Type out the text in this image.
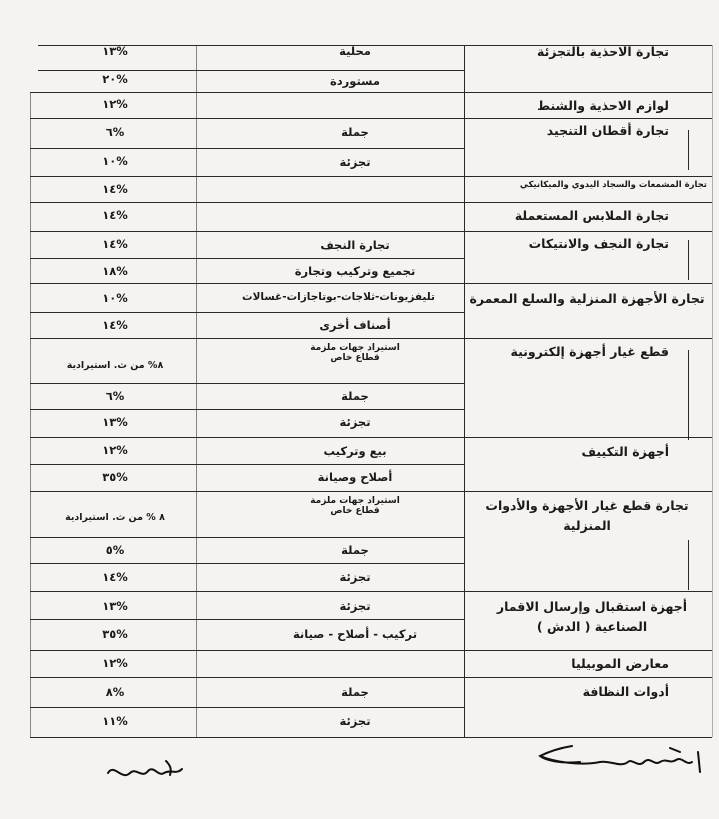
تجارة الاحذية بالتجزئة
محلية
١٣%
مستوردة
٢٠%
لوازم الاحذية والشنط
١٢%
تجارة أقطان التنجيد
جملة
٦%
تجزئة
١٠%
تجارة المشمعات والسجاد اليدوي والميكانيكي
١٤%
تجارة الملابس المستعملة
١٤%
تجارة النجف والانتيكات
تجارة النجف
١٤%
تجميع وتركيب وتجارة
١٨%
تجارة الأجهزة المنزلية والسلع المعمرة
تليفزيونات-ثلاجات-بوتاجازات-غسالات
١٠%
أصناف أخرى
١٤%
قطع غيار أجهزة إلكترونية
استيراد جهات ملزمة قطاع خاص
٨% من ث. استيرادية
جملة
٦%
تجزئة
١٣%
أجهزة التكييف
بيع وتركيب
١٢%
أصلاح وصيانة
٣٥%
تجارة قطع غيار الأجهزة والأدوات المنزلية
استيراد جهات ملزمة قطاع خاص
٨ % من ث. استيرادية
جملة
٥%
تجزئة
١٤%
أجهزة استقبال وإرسال الاقمار الصناعية ( الدش )
تجزئة
١٣%
تركيب - أصلاح - صيانة
٣٥%
معارض الموبيليا
١٢%
أدوات النظافة
جملة
٨%
تجزئة
١١%
